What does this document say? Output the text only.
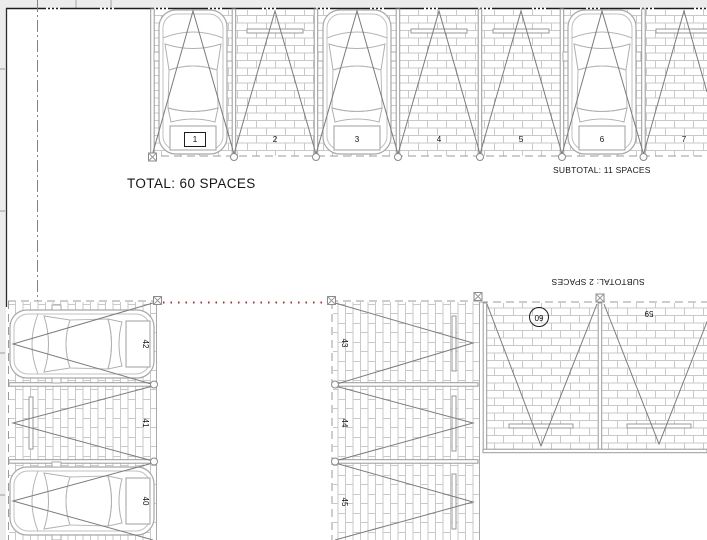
TOTAL: 60 SPACES
SUBTOTAL: 11 SPACES
SUBTOTAL: 2 SPACES
1	2	3	4	5	6	7
42
41
40
43
44
45
60	59
